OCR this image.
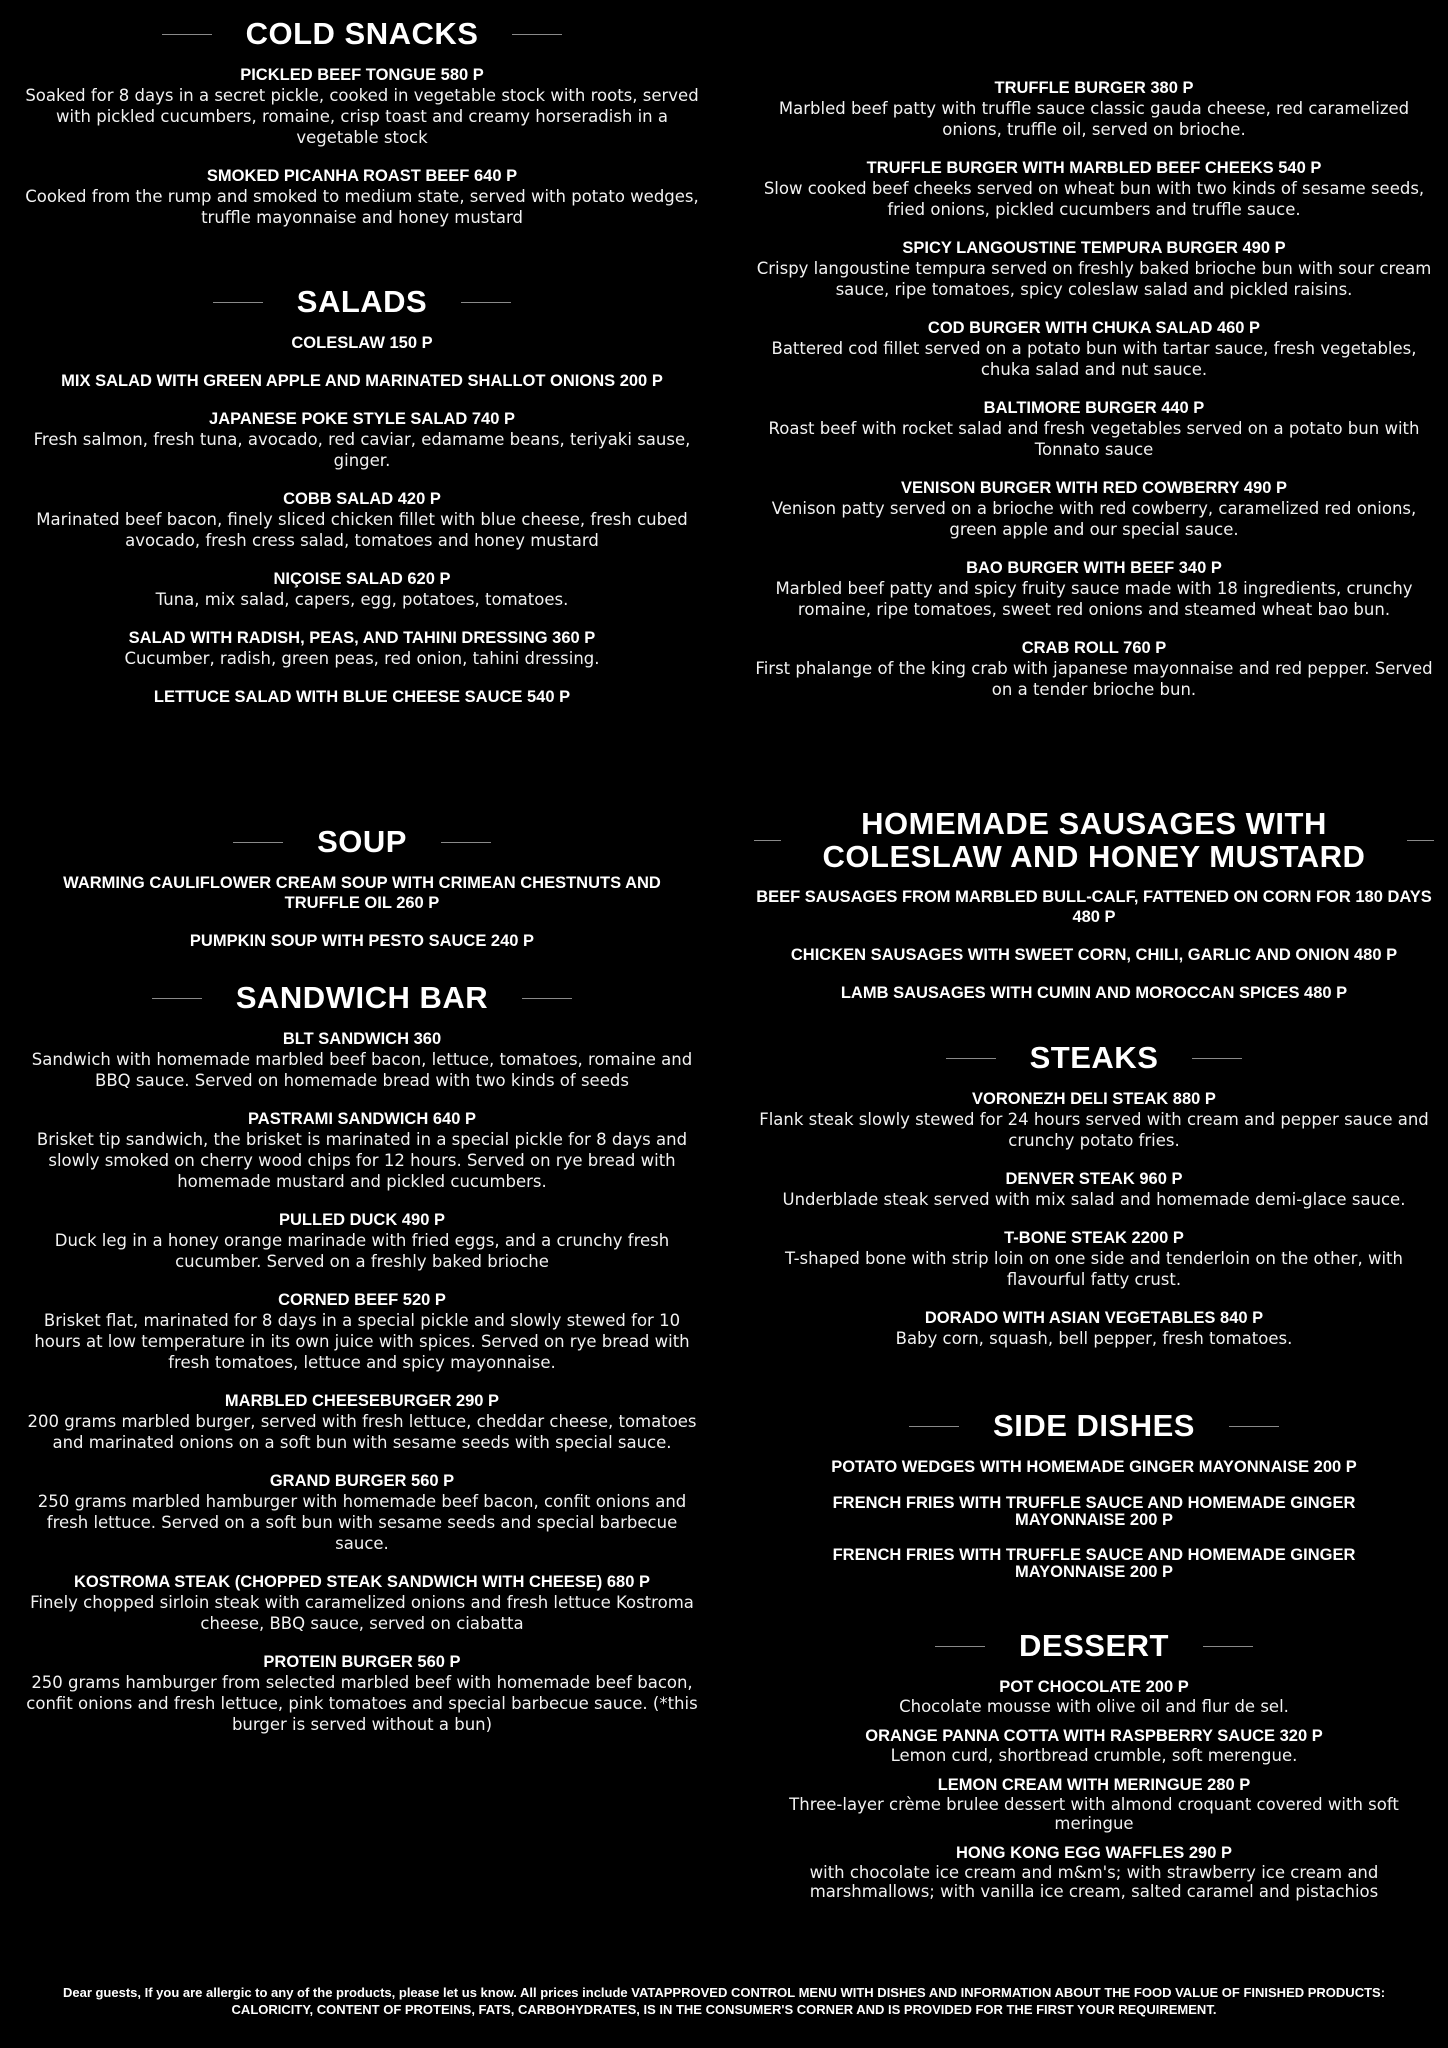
COLD SNACKS

PICKLED BEEF TONGUE 580 P

Soaked for 8 days in a secret pickle, cooked in vegetable stock with roots, served with pickled cucumbers, romaine, crisp toast and creamy horseradish in a vegetable stock

SMOKED PICANHA ROAST BEEF 640 P

Cooked from the rump and smoked to medium state, served with potato wedges, truffle mayonnaise and honey mustard

SALADS

COLESLAW 150 P

MIX SALAD WITH GREEN APPLE AND MARINATED SHALLOT ONIONS 200 P

JAPANESE POKE STYLE SALAD 740 P

Fresh salmon, fresh tuna, avocado, red caviar, edamame beans, teriyaki sause, ginger.

COBB SALAD 420 P

Marinated beef bacon, finely sliced chicken fillet with blue cheese, fresh cubed avocado, fresh cress salad, tomatoes and honey mustard

NIÇOISE SALAD 620 P

Tuna, mix salad, capers, egg, potatoes, tomatoes.

SALAD WITH RADISH, PEAS, AND TAHINI DRESSING 360 P

Cucumber, radish, green peas, red onion, tahini dressing.

LETTUCE SALAD WITH BLUE CHEESE SAUCE 540 P

SOUP

WARMING CAULIFLOWER CREAM SOUP WITH CRIMEAN CHESTNUTS AND TRUFFLE OIL 260 P

PUMPKIN SOUP WITH PESTO SAUCE 240 P

SANDWICH BAR

BLT SANDWICH 360

Sandwich with homemade marbled beef bacon, lettuce, tomatoes, romaine and BBQ sauce. Served on homemade bread with two kinds of seeds

PASTRAMI SANDWICH 640 P

Brisket tip sandwich, the brisket is marinated in a special pickle for 8 days and slowly smoked on cherry wood chips for 12 hours. Served on rye bread with homemade mustard and pickled cucumbers.

PULLED DUCK 490 P

Duck leg in a honey orange marinade with fried eggs, and a crunchy fresh cucumber. Served on a freshly baked brioche

CORNED BEEF 520 P

Brisket flat, marinated for 8 days in a special pickle and slowly stewed for 10 hours at low temperature in its own juice with spices. Served on rye bread with fresh tomatoes, lettuce and spicy mayonnaise.

MARBLED CHEESEBURGER 290 P

200 grams marbled burger, served with fresh lettuce, cheddar cheese, tomatoes and marinated onions on a soft bun with sesame seeds with special sauce.

GRAND BURGER 560 P

250 grams marbled hamburger with homemade beef bacon, confit onions and fresh lettuce. Served on a soft bun with sesame seeds and special barbecue sauce.

KOSTROMA STEAK (CHOPPED STEAK SANDWICH WITH CHEESE) 680 P

Finely chopped sirloin steak with caramelized onions and fresh lettuce Kostroma cheese, BBQ sauce, served on ciabatta

PROTEIN BURGER 560 P

250 grams hamburger from selected marbled beef with homemade beef bacon, confit onions and fresh lettuce, pink tomatoes and special barbecue sauce. (*this burger is served without a bun)

TRUFFLE BURGER 380 P

Marbled beef patty with truffle sauce classic gauda cheese, red caramelized onions, truffle oil, served on brioche.

TRUFFLE BURGER WITH MARBLED BEEF CHEEKS 540 P

Slow cooked beef cheeks served on wheat bun with two kinds of sesame seeds, fried onions, pickled cucumbers and truffle sauce.

SPICY LANGOUSTINE TEMPURA BURGER 490 P

Crispy langoustine tempura served on freshly baked brioche bun with sour cream sauce, ripe tomatoes, spicy coleslaw salad and pickled raisins.

COD BURGER WITH CHUKA SALAD 460 P

Battered cod fillet served on a potato bun with tartar sauce, fresh vegetables, chuka salad and nut sauce.

BALTIMORE BURGER 440 P

Roast beef with rocket salad and fresh vegetables served on a potato bun with Tonnato sauce

VENISON BURGER WITH RED COWBERRY 490 P

Venison patty served on a brioche with red cowberry, caramelized red onions, green apple and our special sauce.

BAO BURGER WITH BEEF 340 P

Marbled beef patty and spicy fruity sauce made with 18 ingredients, crunchy romaine, ripe tomatoes, sweet red onions and steamed wheat bao bun.

CRAB ROLL 760 P

First phalange of the king crab with japanese mayonnaise and red pepper. Served on a tender brioche bun.

HOMEMADE SAUSAGES WITH COLESLAW AND HONEY MUSTARD

BEEF SAUSAGES FROM MARBLED BULL-CALF, FATTENED ON CORN FOR 180 DAYS 480 P

CHICKEN SAUSAGES WITH SWEET CORN, CHILI, GARLIC AND ONION 480 P

LAMB SAUSAGES WITH CUMIN AND MOROCCAN SPICES 480 P

STEAKS

VORONEZH DELI STEAK 880 P

Flank steak slowly stewed for 24 hours served with cream and pepper sauce and crunchy potato fries.

DENVER STEAK 960 P

Underblade steak served with mix salad and homemade demi-glace sauce.

T-BONE STEAK 2200 P

T-shaped bone with strip loin on one side and tenderloin on the other, with flavourful fatty crust.

DORADO WITH ASIAN VEGETABLES 840 P

Baby corn, squash, bell pepper, fresh tomatoes.

SIDE DISHES

POTATO WEDGES WITH HOMEMADE GINGER MAYONNAISE 200 P

FRENCH FRIES WITH TRUFFLE SAUCE AND HOMEMADE GINGER MAYONNAISE 200 P

FRENCH FRIES WITH TRUFFLE SAUCE AND HOMEMADE GINGER MAYONNAISE 200 P

DESSERT

POT CHOCOLATE 200 P

Chocolate mousse with olive oil and flur de sel.

ORANGE PANNA COTTA WITH RASPBERRY SAUCE 320 P

Lemon curd, shortbread crumble, soft merengue.

LEMON CREAM WITH MERINGUE 280 P

Three-layer crème brulee dessert with almond croquant covered with soft meringue

HONG KONG EGG WAFFLES 290 P

with chocolate ice cream and m&m's; with strawberry ice cream and marshmallows; with vanilla ice cream, salted caramel and pistachios

Dear guests, If you are allergic to any of the products, please let us know. All prices include VATAPPROVED CONTROL MENU WITH DISHES AND INFORMATION ABOUT THE FOOD VALUE OF FINISHED PRODUCTS: CALORICITY, CONTENT OF PROTEINS, FATS, CARBOHYDRATES, IS IN THE CONSUMER'S CORNER AND IS PROVIDED FOR THE FIRST YOUR REQUIREMENT.
